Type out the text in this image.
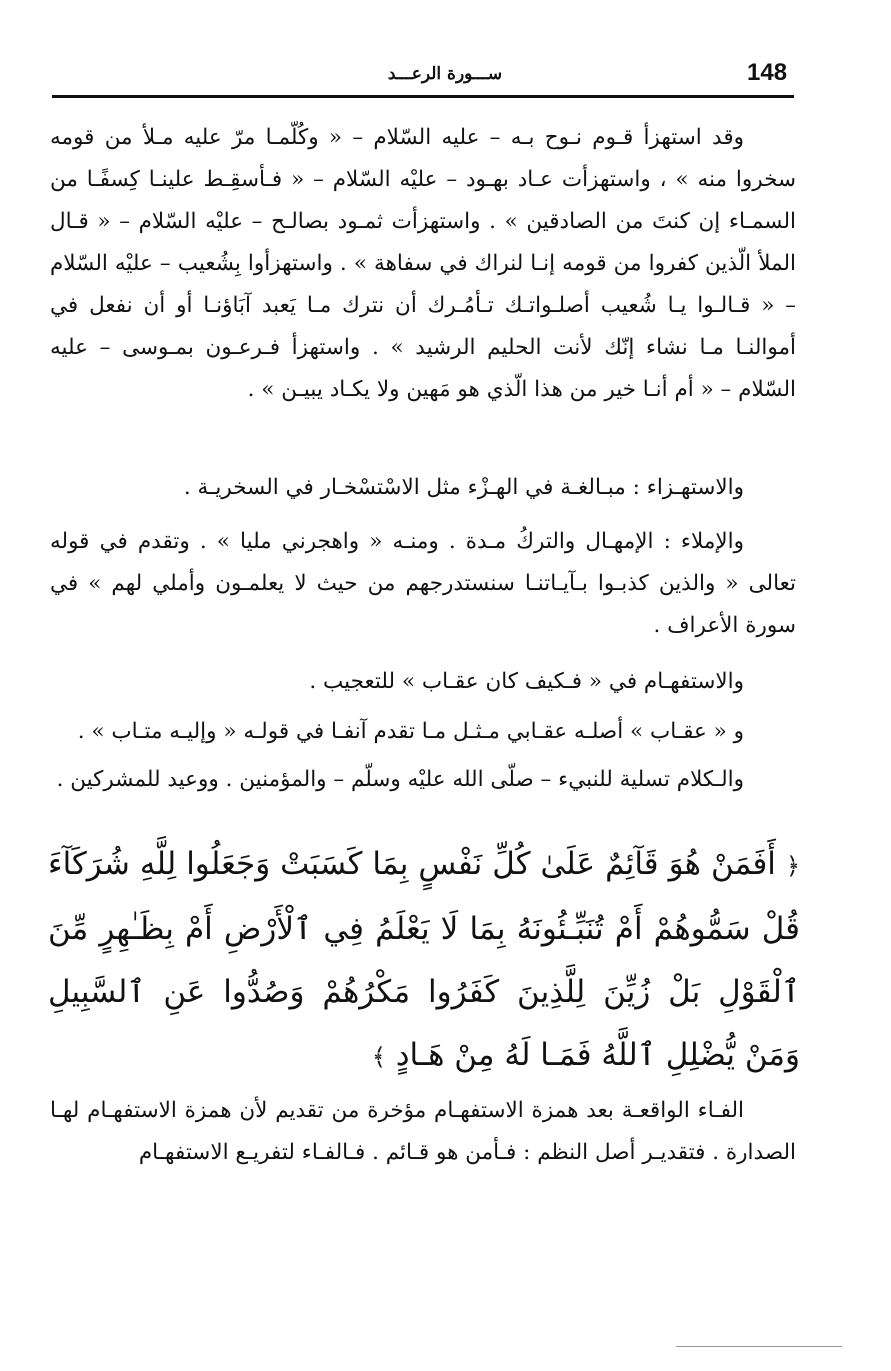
148
ســـورة الرعـــد

وقد استهزأ قـوم نـوح بـه – عليه السّلام – « وكُلّمـا مرّ عليه مـلأ من قومه سخروا منه » ، واستهزأت عـاد بهـود – عليْه السّلام – « فـأسقِـط علينـا كِسفًـا من السمـاء إن كنتَ من الصادقين » . واستهزأت ثمـود بصالـح – عليْه السّلام – « قـال الملأ الّذين كفروا من قومه إنـا لنراك في سفاهة » . واستهزأوا بِشُعيب – عليْه السّلام – « قـالـوا يـا شُعيب أصلـواتـك تـأمُـرك أن نترك مـا يَعبد آبَاؤنـا أو أن نفعل في أموالنـا مـا نشاء إنّك لأنت الحليم الرشيد » . واستهزأ فـرعـون بمـوسى – عليه السّلام – « أم أنـا خير من هذا الّذي هو مَهين ولا يكـاد يبيـن » .

والاستهـزاء : مبـالغـة في الهـزْء مثل الاسْتسْخـار في السخريـة .

والإملاء : الإمهـال والتركُ مـدة . ومنـه « واهجرني مليا » . وتقدم في قوله تعالى « والذين كذبـوا بـآيـاتنـا سنستدرجهم من حيث لا يعلمـون وأملي لهم » في سورة الأعراف .

والاستفهـام في « فـكيف كان عقـاب » للتعجيب .

و « عقـاب » أصلـه عقـابي مـثـل مـا تقدم آنفـا في قولـه « وإليـه متـاب » .

والـكلام تسلية للنبيء – صلّى الله عليْه وسلّم – والمؤمنين . ووعيد للمشركين .

﴿ أَفَمَنْ هُوَ قَآئِمٌ عَلَىٰ كُلِّ نَفْسٍ بِمَا كَسَبَتْ وَجَعَلُوا لِلَّهِ شُرَكَآءَ قُلْ سَمُّوهُمْ أَمْ تُنَبِّـئُونَهُ بِمَا لَا يَعْلَمُ فِي ٱلْأَرْضِ أَمْ بِظَـٰهِرٍ مِّنَ ٱلْقَوْلِ بَلْ زُيِّنَ لِلَّذِينَ كَفَرُوا مَكْرُهُمْ وَصُدُّوا عَنِ ٱلسَّبِيلِ وَمَنْ يُّضْلِلِ ٱللَّهُ فَمَـا لَهُ مِنْ هَـادٍ ﴾

الفـاء الواقعـة بعد همزة الاستفهـام مؤخرة من تقديم لأن همزة الاستفهـام لهـا الصدارة . فتقديـر أصل النظم : فـأمن هو قـائم . فـالفـاء لتفريـع الاستفهـام
